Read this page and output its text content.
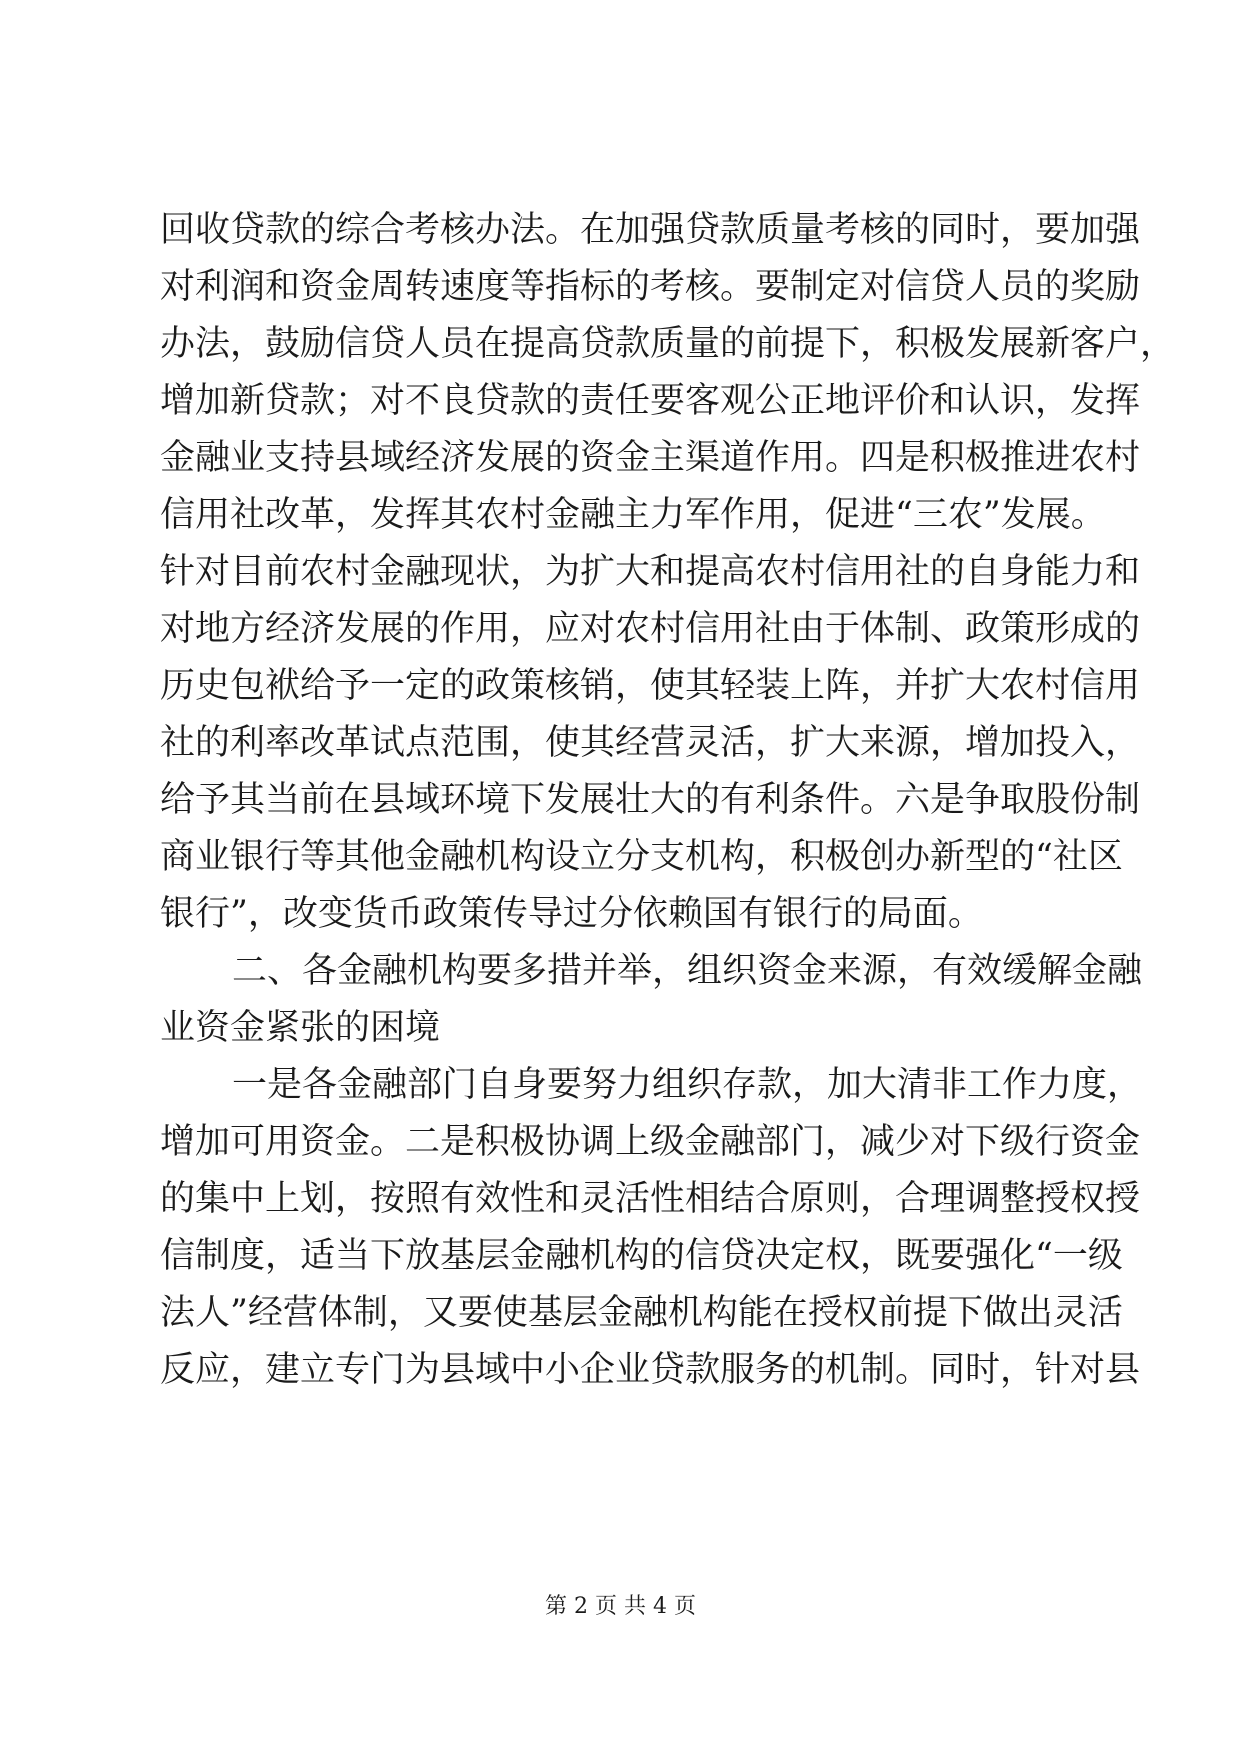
回收贷款的综合考核办法。在加强贷款质量考核的同时，要加强
对利润和资金周转速度等指标的考核。要制定对信贷人员的奖励
办法，鼓励信贷人员在提高贷款质量的前提下，积极发展新客户，
增加新贷款；对不良贷款的责任要客观公正地评价和认识，发挥
金融业支持县域经济发展的资金主渠道作用。四是积极推进农村
信用社改革，发挥其农村金融主力军作用，促进“三农”发展。
针对目前农村金融现状，为扩大和提高农村信用社的自身能力和
对地方经济发展的作用，应对农村信用社由于体制、政策形成的
历史包袱给予一定的政策核销，使其轻装上阵，并扩大农村信用
社的利率改革试点范围，使其经营灵活，扩大来源，增加投入，
给予其当前在县域环境下发展壮大的有利条件。六是争取股份制
商业银行等其他金融机构设立分支机构，积极创办新型的“社区
银行”，改变货币政策传导过分依赖国有银行的局面。
二、各金融机构要多措并举，组织资金来源，有效缓解金融
业资金紧张的困境
一是各金融部门自身要努力组织存款，加大清非工作力度，
增加可用资金。二是积极协调上级金融部门，减少对下级行资金
的集中上划，按照有效性和灵活性相结合原则，合理调整授权授
信制度，适当下放基层金融机构的信贷决定权，既要强化“一级
法人”经营体制，又要使基层金融机构能在授权前提下做出灵活
反应，建立专门为县域中小企业贷款服务的机制。同时，针对县
第 2 页 共 4 页
